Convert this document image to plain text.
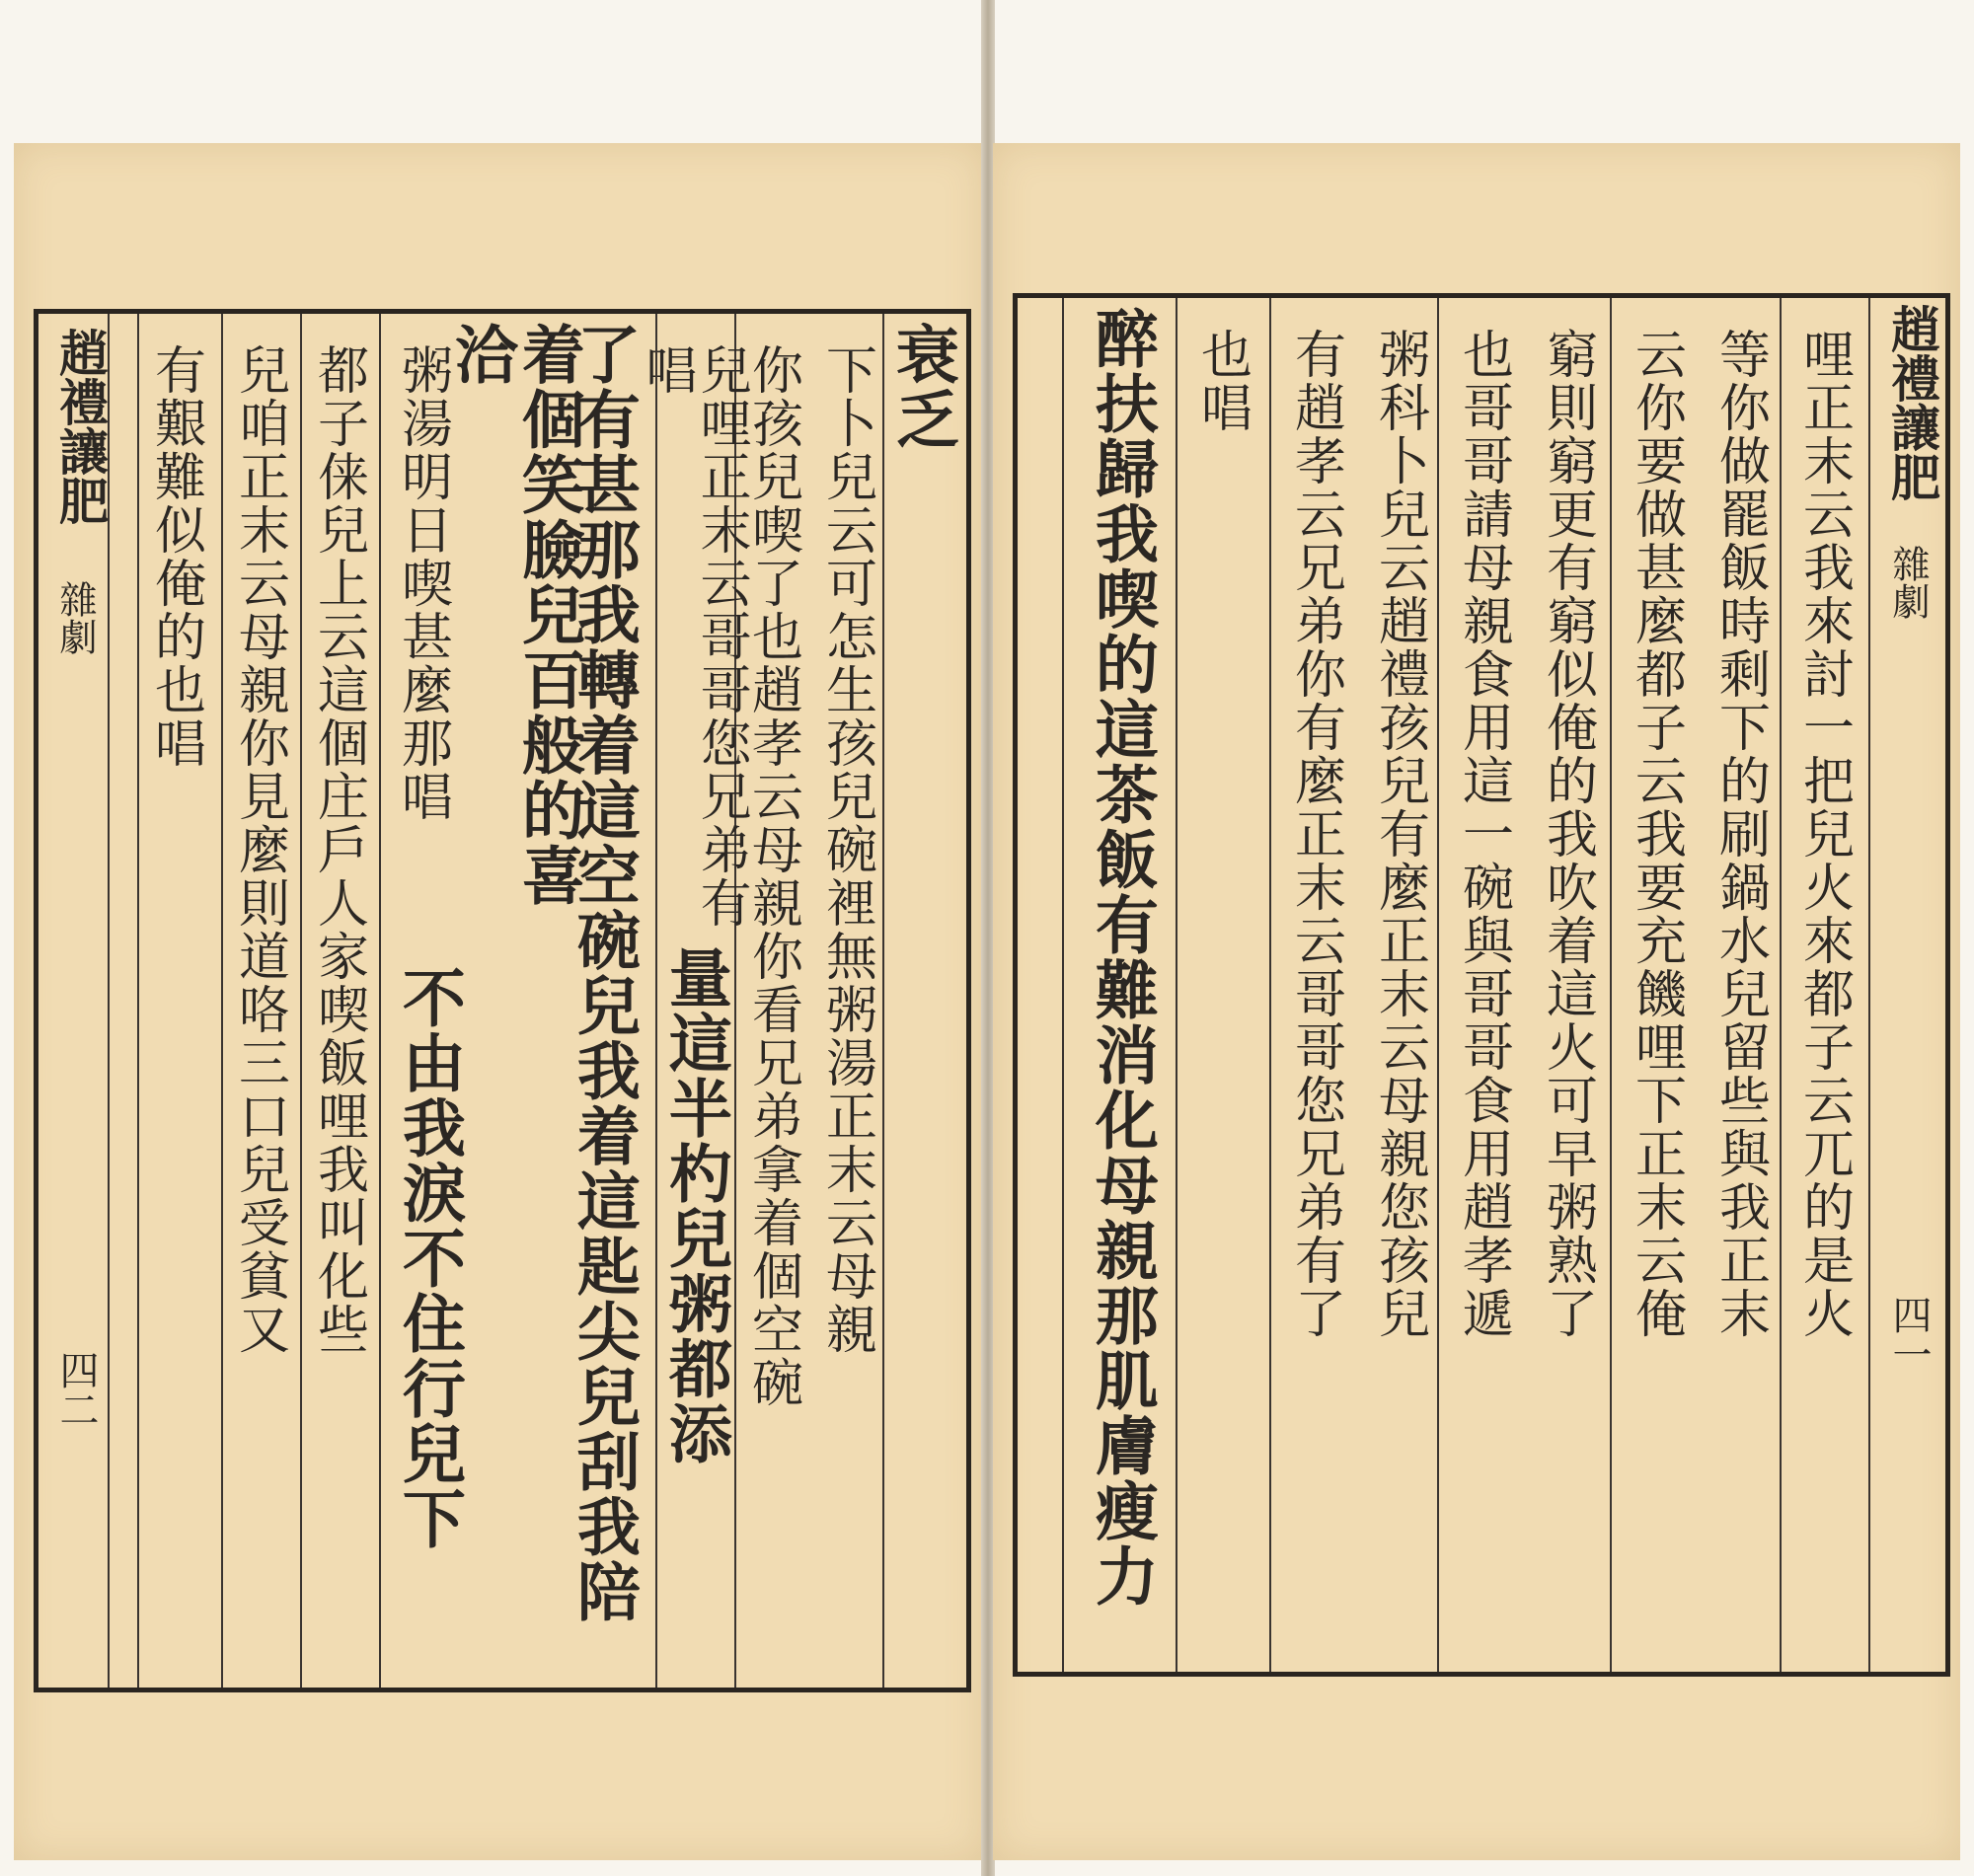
趙禮讓肥
雜劇
四二
衰乏
下卜兒云可怎生孩兒碗裡無粥湯正末云母親
你孩兒喫了也趙孝云母親你看兄弟拿着個空碗
兒哩正末云哥哥您兄弟有唱
量這半杓兒粥都添
了有甚那我轉着這空碗兒我着這匙尖兒刮我陪
着個笑臉兒百般的喜洽
粥湯明日喫甚麼那唱
不由我淚不住行兒下
都子俫兒上云這個庄戶人家喫飯哩我叫化些
兒咱正末云母親你見麼則道咯三口兒受貧又
有艱難似俺的也唱	趙禮讓肥
雜劇
四一
哩正末云我來討一把兒火來都子云兀的是火
等你做罷飯時剩下的刷鍋水兒留些與我正末
云你要做甚麼都子云我要充饑哩下正末云俺
窮則窮更有窮似俺的我吹着這火可早粥熟了
也哥哥請母親食用這一碗與哥哥食用趙孝遞
粥科卜兒云趙禮孩兒有麼正末云母親您孩兒
有趙孝云兄弟你有麼正末云哥哥您兄弟有了
也唱
醉扶歸我喫的這茶飯有難消化母親那肌膚瘦力
